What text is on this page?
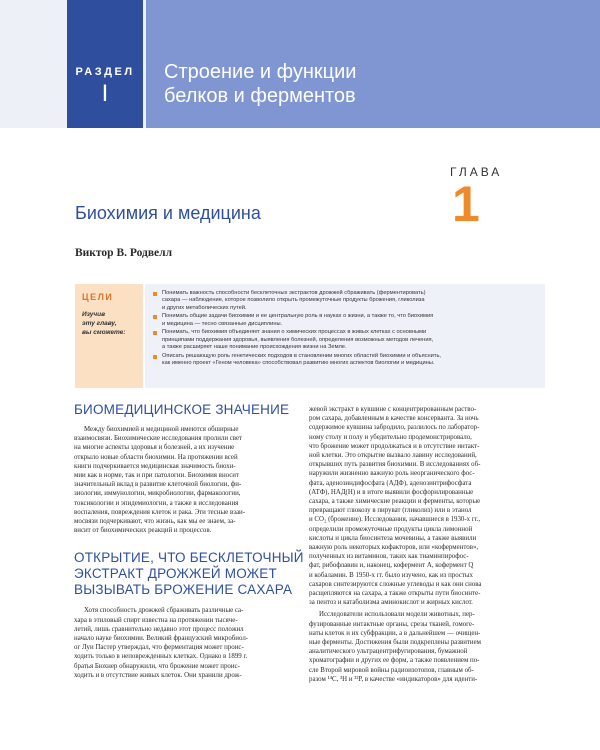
РАЗДЕЛ
I
Строение и функции
белков и ферментов
ГЛАВА
1
Биохимия и медицина
Виктор В. Родвелл
ЦЕЛИ
Изучив
эту главу,
вы сможете:
Понимать важность способности бесклеточных экстрактов дрожжей сбраживать (ферментировать)
сахара — наблюдение, которое позволило открыть промежуточные продукты брожения, гликолиза
и других метаболических путей.
Понимать общие задачи биохимии и ее центральную роль в науках о жизни, а также то, что биохимия
и медицина — тесно связанные дисциплины.
Понимать, что биохимия объединяет знания о химических процессах в живых клетках с основными
принципами поддержания здоровья, выявления болезней, определения возможных методов лечения,
а также расширяет наше понимание происхождения жизни на Земле.
Описать решающую роль генетических подходов в становлении многих областей биохимии и объяснить,
как именно проект «Геном человека» способствовал развитию многих аспектов биологии и медицины.
БИОМЕДИЦИНСКОЕ ЗНАЧЕНИЕ
Между биохимией и медициной имеются обширные
взаимосвязи. Биохимические исследования пролили свет
на многие аспекты здоровья и болезней, а их изучение
открыло новые области биохимии. На протяжении всей
книги подчеркивается медицинская значимость биохи-
мии как в норме, так и при патологии. Биохимия вносит
значительный вклад в развитие клеточной биологии, фи-
зиологии, иммунологии, микробиологии, фармакологии,
токсикологии и эпидемиологии, а также в исследования
воспаления, повреждения клеток и рака. Эти тесные взаи-
мосвязи подчеркивают, что жизнь, как мы ее знаем, за-
висит от биохимических реакций и процессов.
ОТКРЫТИЕ, ЧТО БЕСКЛЕТОЧНЫЙ
ЭКСТРАКТ ДРОЖЖЕЙ МОЖЕТ
ВЫЗЫВАТЬ БРОЖЕНИЕ САХАРА
Хотя способность дрожжей сбраживать различные са-
хара в этиловый спирт известна на протяжении тысяче-
летий, лишь сравнительно недавно этот процесс положил
начало науке биохимии. Великий французский микробиол-
ог Луи Пастер утверждал, что ферментация может проис-
ходить только в неповрежденных клетках. Однако в 1899 г.
братья Бюхнер обнаружили, что брожение может проис-
ходить и в отсутствие живых клеток. Они хранили дрож-
жевой экстракт в кувшине с концентрированным раство-
ром сахара, добавленным в качестве консерванта. За ночь
содержимое кувшина забродило, разлилось по лаборатор-
ному столу и полу и убедительно продемонстрировало,
что брожение может продолжаться и в отсутствие интакт-
ной клетки. Это открытие вызвало лавину исследований,
открывших путь развития биохимии. В исследованиях об-
наружили жизненно важную роль неорганического фос-
фата, аденозиндифосфата (АДФ), аденозинтрифосфата
(АТФ), НАД(Н) и в итоге выявили фосфорилированные
сахара, а также химические реакции и ферменты, которые
превращают глюкозу в пируват (гликолиз) или в этанол
и CO₂ (брожение). Исследования, начавшиеся в 1930-х гг.,
определили промежуточные продукты цикла лимонной
кислоты и цикла биосинтеза мочевины, а также выявили
важную роль некоторых кофакторов, или «коферментов»,
полученных из витаминов, таких как тиаминпирофос-
фат, рибофлавин и, наконец, кофермент А, кофермент Q
и кобаламин. В 1950-х гг. было изучено, как из простых
сахаров синтезируются сложные углеводы и как они снова
расщепляются на сахара, а также открыты пути биосинте-
за пентоз и катаболизма аминокислот и жирных кислот.
Исследователи использовали модели животных, пер-
фузированные интактные органы, срезы тканей, гомоге-
наты клеток и их субфракции, а в дальнейшем — очищен-
ные ферменты. Достижения были подкреплены развитием
аналитического ультрацентрифугирования, бумажной
хроматографии и других ее форм, а также появлением по-
сле Второй мировой войны радиоизотопов, главным об-
разом ¹⁴C, ³H и ³²P, в качестве «индикаторов» для иденти-
